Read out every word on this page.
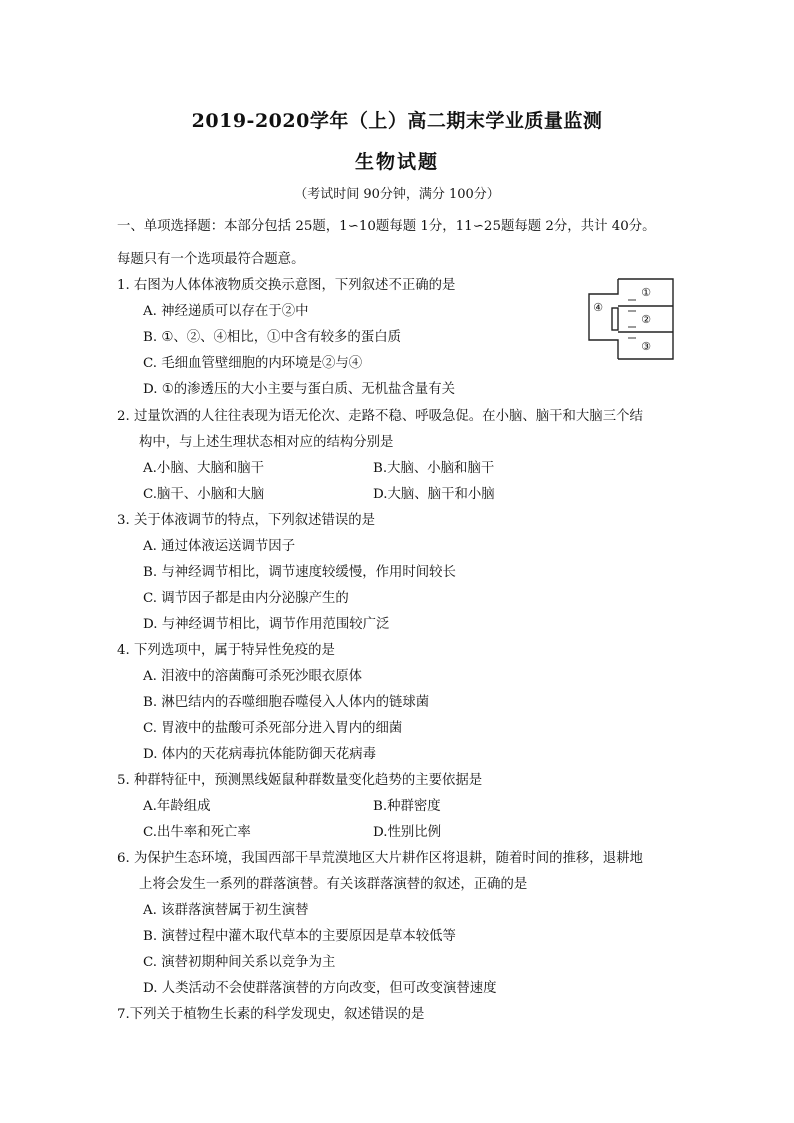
2019-2020学年（上）高二期末学业质量监测
生物试题
（考试时间 90分钟，满分 100分）
一、单项选择题：本部分包括 25题，1∽10题每题 1分，11∽25题每题 2分，共计 40分。
每题只有一个选项最符合题意。
1. 右图为人体体液物质交换示意图，下列叙述不正确的是
A. 神经递质可以存在于②中
B. ①、②、④相比，①中含有较多的蛋白质
C. 毛细血管壁细胞的内环境是②与④
D. ①的渗透压的大小主要与蛋白质、无机盐含量有关
①
②
③
④
2. 过量饮酒的人往往表现为语无伦次、走路不稳、呼吸急促。在小脑、脑干和大脑三个结
构中，与上述生理状态相对应的结构分别是
A.小脑、大脑和脑干	B.大脑、小脑和脑干
C.脑干、小脑和大脑	D.大脑、脑干和小脑
3. 关于体液调节的特点，下列叙述错误的是
A. 通过体液运送调节因子
B. 与神经调节相比，调节速度较缓慢，作用时间较长
C. 调节因子都是由内分泌腺产生的
D. 与神经调节相比，调节作用范围较广泛
4. 下列选项中，属于特异性免疫的是
A. 泪液中的溶菌酶可杀死沙眼衣原体
B. 淋巴结内的吞噬细胞吞噬侵入人体内的链球菌
C. 胃液中的盐酸可杀死部分进入胃内的细菌
D. 体内的天花病毒抗体能防御天花病毒
5. 种群特征中，预测黑线姬鼠种群数量变化趋势的主要依据是
A.年龄组成	B.种群密度
C.出牛率和死亡率	D.性别比例
6. 为保护生态环境，我国西部干旱荒漠地区大片耕作区将退耕，随着时间的推移，退耕地
上将会发生一系列的群落演替。有关该群落演替的叙述，正确的是
A. 该群落演替属于初生演替
B. 演替过程中灌木取代草本的主要原因是草本较低等
C. 演替初期种间关系以竞争为主
D. 人类活动不会使群落演替的方向改变，但可改变演替速度
7.下列关于植物生长素的科学发现史，叙述错误的是
